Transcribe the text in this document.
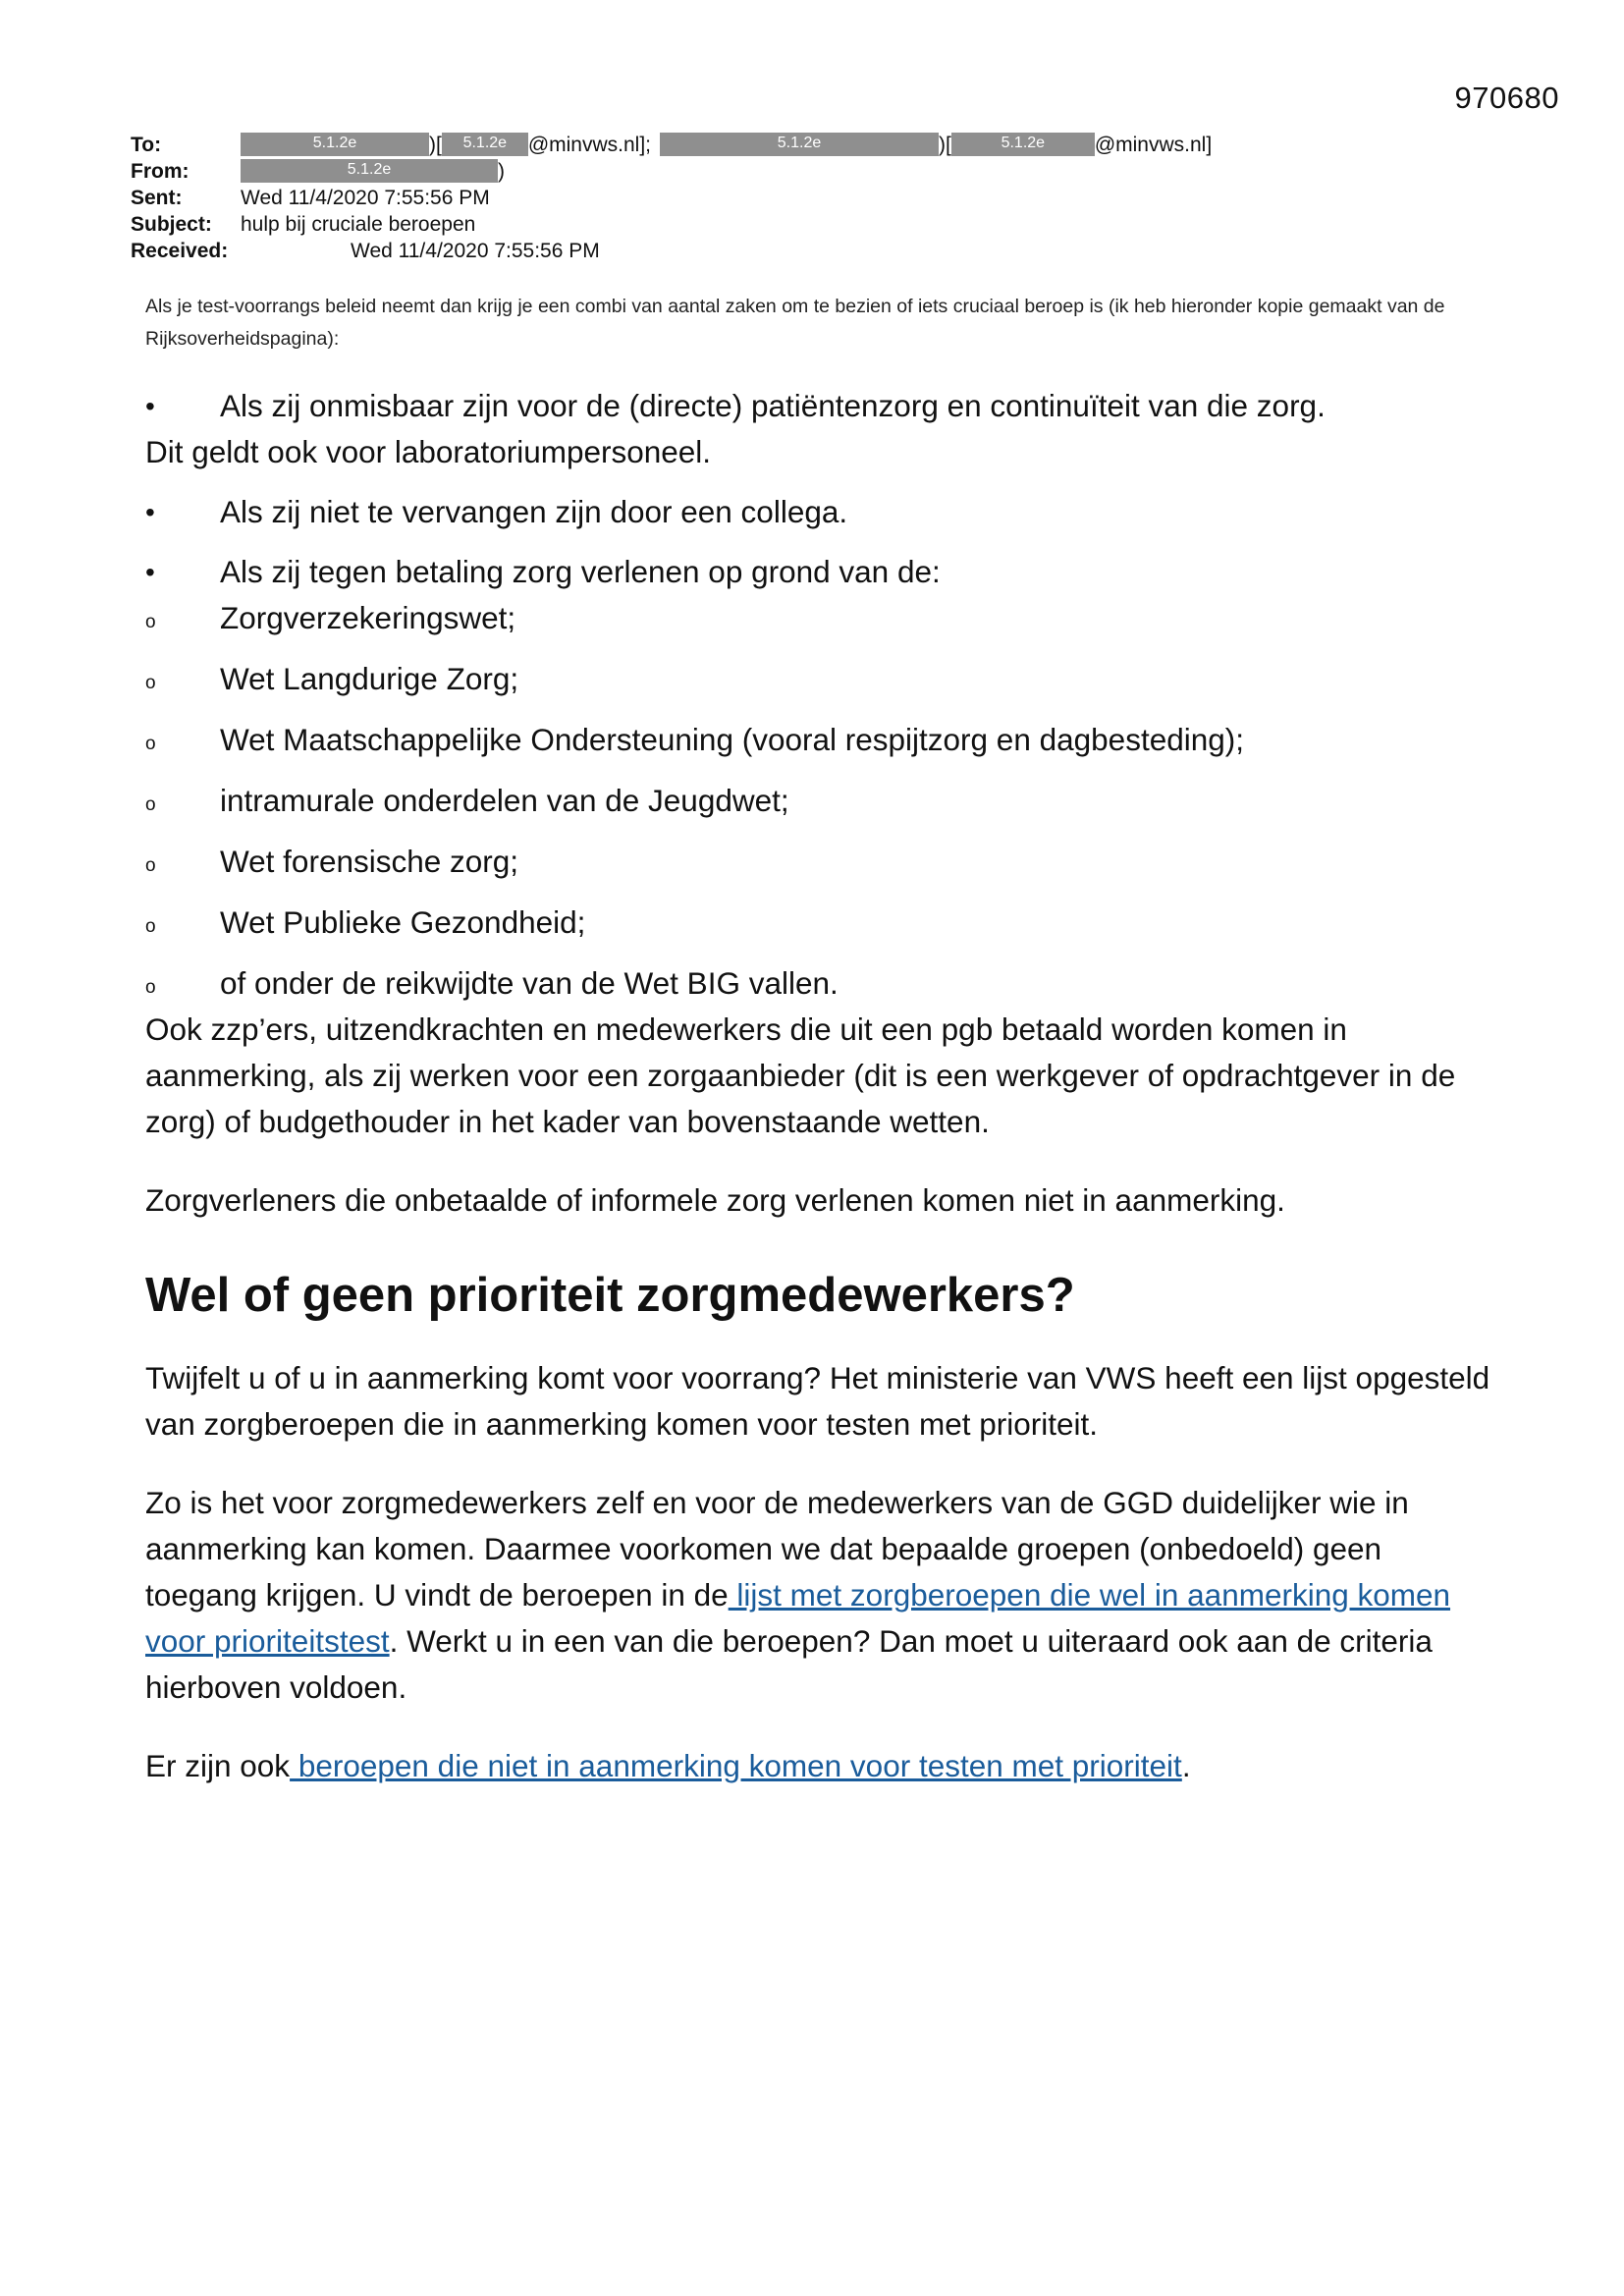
970680
To:	5.1.2e	)[ 5.1.2e @minvws.nl];	5.1.2e	)[	5.1.2e @minvws.nl]
From:	5.1.2e	)
Sent:	Wed 11/4/2020 7:55:56 PM
Subject: hulp bij cruciale beroepen
Received:	Wed 11/4/2020 7:55:56 PM
Als je test-voorrangs beleid neemt dan krijg je een combi van aantal zaken om te bezien of iets cruciaal beroep is (ik heb hieronder kopie gemaakt van de Rijksoverheidspagina):
• Als zij onmisbaar zijn voor de (directe) patiëntenzorg en continuïteit van die zorg.
Dit geldt ook voor laboratoriumpersoneel.
• Als zij niet te vervangen zijn door een collega.
• Als zij tegen betaling zorg verlenen op grond van de:
o Zorgverzekeringswet;
o Wet Langdurige Zorg;
o Wet Maatschappelijke Ondersteuning (vooral respijtzorg en dagbesteding);
o intramurale onderdelen van de Jeugdwet;
o Wet forensische zorg;
o Wet Publieke Gezondheid;
o of onder de reikwijdte van de Wet BIG vallen.

Ook zzp’ers, uitzendkrachten en medewerkers die uit een pgb betaald worden komen in aanmerking, als zij werken voor een zorgaanbieder (dit is een werkgever of opdrachtgever in de zorg) of budgethouder in het kader van bovenstaande wetten.

Zorgverleners die onbetaalde of informele zorg verlenen komen niet in aanmerking.

Wel of geen prioriteit zorgmedewerkers?

Twijfelt u of u in aanmerking komt voor voorrang? Het ministerie van VWS heeft een lijst opgesteld van zorgberoepen die in aanmerking komen voor testen met prioriteit.

Zo is het voor zorgmedewerkers zelf en voor de medewerkers van de GGD duidelijker wie in aanmerking kan komen. Daarmee voorkomen we dat bepaalde groepen (onbedoeld) geen toegang krijgen. U vindt de beroepen in de lijst met zorgberoepen die wel in aanmerking komen voor prioriteitstest. Werkt u in een van die beroepen? Dan moet u uiteraard ook aan de criteria hierboven voldoen.

Er zijn ook beroepen die niet in aanmerking komen voor testen met prioriteit.
